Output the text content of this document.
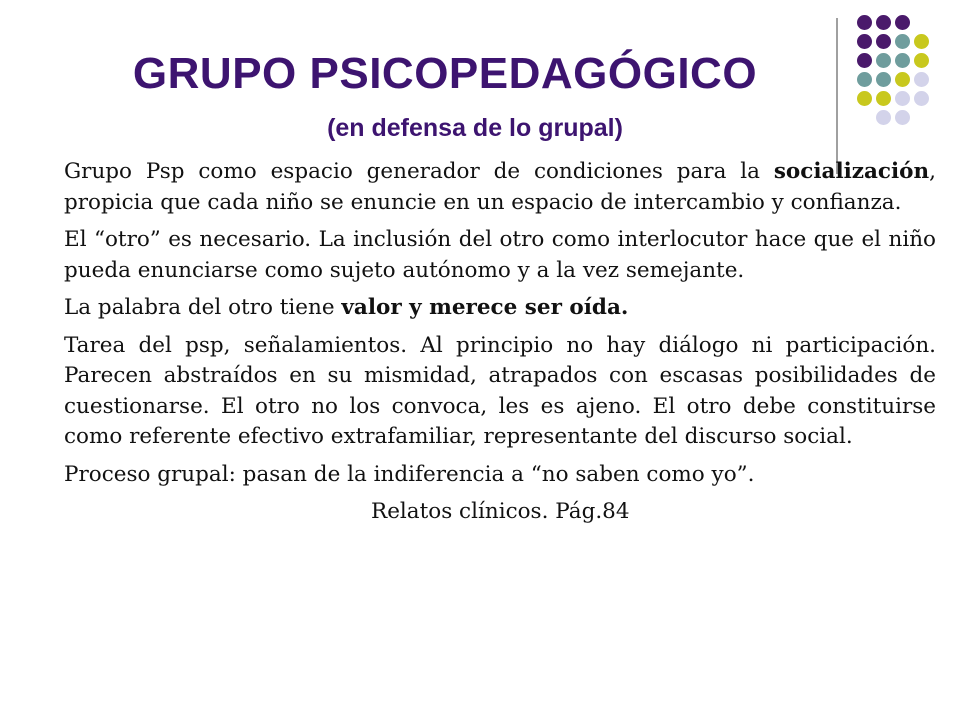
GRUPO PSICOPEDAGÓGICO
(en defensa de lo grupal)

Grupo Psp como espacio generador de condiciones para la socialización, propicia que cada niño se enuncie en un espacio de intercambio y confianza.

El “otro” es necesario. La inclusión del otro como interlocutor hace que el niño pueda enunciarse como sujeto autónomo y a la vez semejante.

La palabra del otro tiene valor y merece ser oída.

Tarea del psp, señalamientos. Al principio no hay diálogo ni participación. Parecen abstraídos en su mismidad, atrapados con escasas posibilidades de cuestionarse. El otro no los convoca, les es ajeno. El otro debe constituirse como referente efectivo extrafamiliar, representante del discurso social.

Proceso grupal: pasan de la indiferencia a “no saben como yo”.

Relatos clínicos. Pág.84
